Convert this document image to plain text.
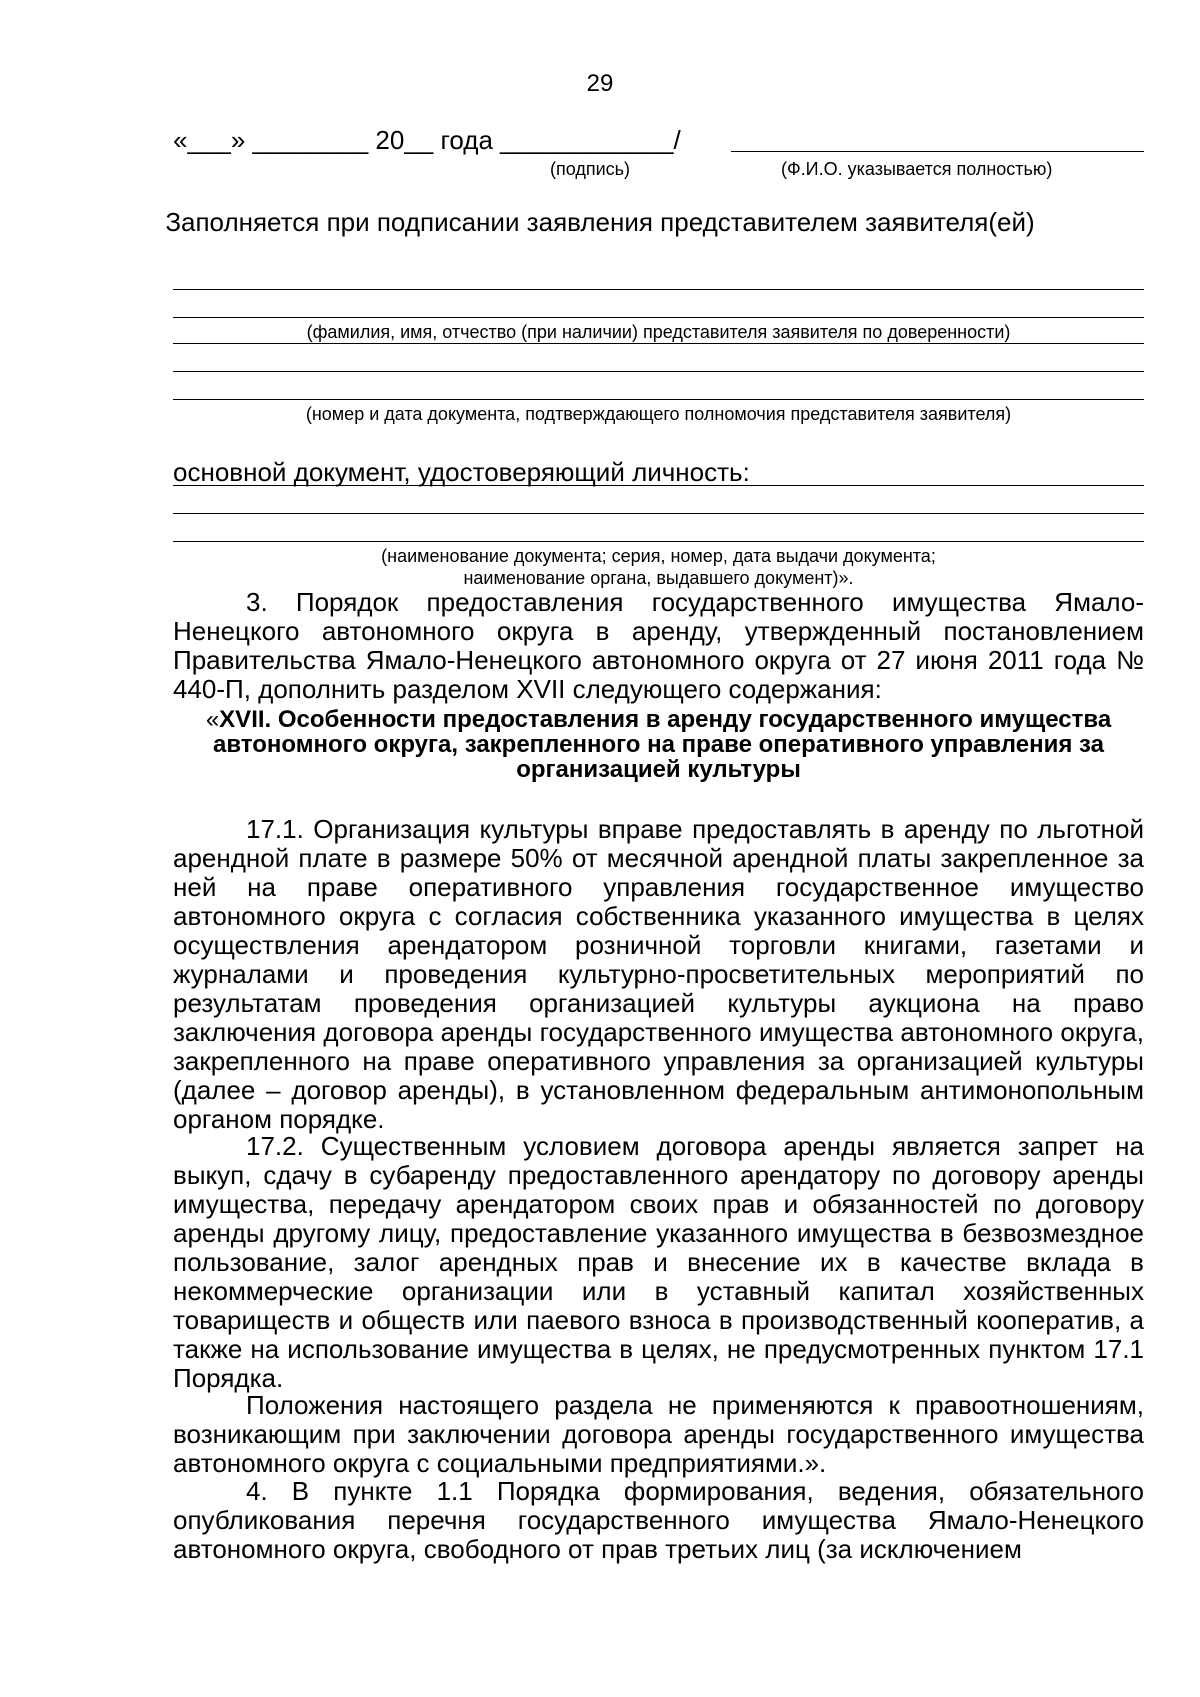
29
«___» ________ 20__ года ____________/
(подпись)	(Ф.И.О. указывается полностью)
Заполняется при подписании заявления представителем заявителя(ей)
(фамилия, имя, отчество (при наличии) представителя заявителя по доверенности)
(номер и дата документа, подтверждающего полномочия представителя заявителя)
основной документ, удостоверяющий личность:
(наименование документа; серия, номер, дата выдачи документа;
наименование органа, выдавшего документ)».

3. Порядок предоставления государственного имущества Ямало-Ненецкого автономного округа в аренду, утвержденный постановлением Правительства Ямало-Ненецкого автономного округа от 27 июня 2011 года № 440-П, дополнить разделом XVII следующего содержания:

«XVII. Особенности предоставления в аренду государственного имущества автономного округа, закрепленного на праве оперативного управления за организацией культуры

17.1. Организация культуры вправе предоставлять в аренду по льготной арендной плате в размере 50% от месячной арендной платы закрепленное за ней на праве оперативного управления государственное имущество автономного округа с согласия собственника указанного имущества в целях осуществления арендатором розничной торговли книгами, газетами и журналами и проведения культурно-просветительных мероприятий по результатам проведения организацией культуры аукциона на право заключения договора аренды государственного имущества автономного округа, закрепленного на праве оперативного управления за организацией культуры (далее – договор аренды), в установленном федеральным антимонопольным органом порядке.

17.2. Существенным условием договора аренды является запрет на выкуп, сдачу в субаренду предоставленного арендатору по договору аренды имущества, передачу арендатором своих прав и обязанностей по договору аренды другому лицу, предоставление указанного имущества в безвозмездное пользование, залог арендных прав и внесение их в качестве вклада в некоммерческие организации или в уставный капитал хозяйственных товариществ и обществ или паевого взноса в производственный кооператив, а также на использование имущества в целях, не предусмотренных пунктом 17.1 Порядка.

Положения настоящего раздела не применяются к правоотношениям, возникающим при заключении договора аренды государственного имущества автономного округа с социальными предприятиями.».

4. В пункте 1.1 Порядка формирования, ведения, обязательного опубликования перечня государственного имущества Ямало-Ненецкого автономного округа, свободного от прав третьих лиц (за исключением
